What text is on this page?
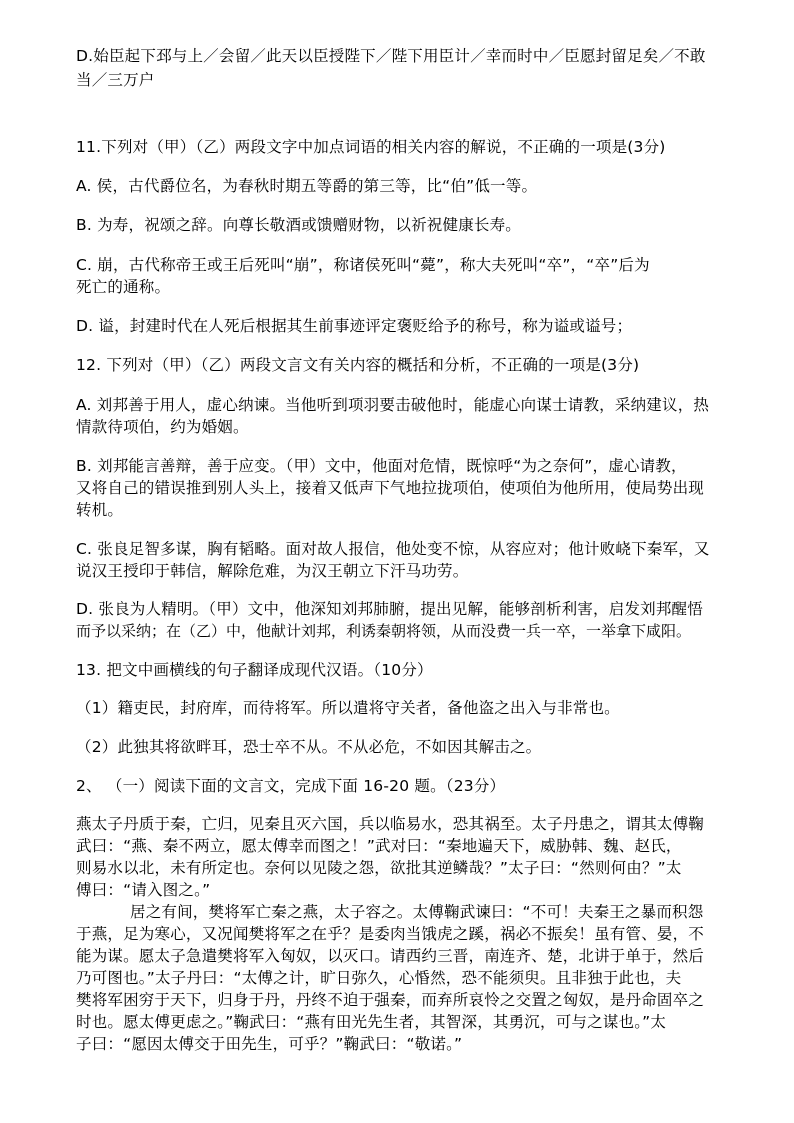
D.始臣起下邳与上／会留／此天以臣授陛下／陛下用臣计／幸而时中／臣愿封留足矣／不敢
当／三万户
11.下列对（甲）（乙）两段文字中加点词语的相关内容的解说，不正确的一项是(3分)
A. 侯，古代爵位名，为春秋时期五等爵的第三等，比“伯”低一等。
B. 为寿，祝颂之辞。向尊长敬酒或馈赠财物，以祈祝健康长寿。
C. 崩，古代称帝王或王后死叫“崩”，称诸侯死叫“薨”，称大夫死叫“卒”，“卒”后为
死亡的通称。
D. 谥，封建时代在人死后根据其生前事迹评定褒贬给予的称号，称为谥或谥号；
12. 下列对（甲）（乙）两段文言文有关内容的概括和分析，不正确的一项是(3分)
A. 刘邦善于用人，虚心纳谏。当他听到项羽要击破他时，能虚心向谋士请教，采纳建议，热
情款待项伯，约为婚姻。
B. 刘邦能言善辩，善于应变。（甲）文中，他面对危情，既惊呼“为之奈何”，虚心请教，
又将自己的错误推到别人头上，接着又低声下气地拉拢项伯，使项伯为他所用，使局势出现
转机。
C. 张良足智多谋，胸有韬略。面对故人报信，他处变不惊，从容应对；他计败峣下秦军，又
说汉王授印于韩信，解除危难，为汉王朝立下汗马功劳。
D. 张良为人精明。（甲）文中，他深知刘邦肺腑，提出见解，能够剖析利害，启发刘邦醒悟
而予以采纳；在（乙）中，他献计刘邦，利诱秦朝将领，从而没费一兵一卒，一举拿下咸阳。
13. 把文中画横线的句子翻译成现代汉语。（10分）
（1）籍吏民，封府库，而待将军。所以遣将守关者，备他盗之出入与非常也。
（2）此独其将欲畔耳，恐士卒不从。不从必危，不如因其解击之。
2、 （一）阅读下面的文言文，完成下面 16-20 题。（23分）
燕太子丹质于秦，亡归，见秦且灭六国，兵以临易水，恐其祸至。太子丹患之，谓其太傅鞠
武曰：“燕、秦不两立，愿太傅幸而图之！”武对曰：“秦地遍天下，威胁韩、魏、赵氏，
则易水以北，未有所定也。奈何以见陵之怨，欲批其逆鳞哉？”太子曰：“然则何由？”太
傅曰：“请入图之。”
居之有间，樊将军亡秦之燕，太子容之。太傅鞠武谏曰：“不可！夫秦王之暴而积怨
于燕，足为寒心，又况闻樊将军之在乎？是委肉当饿虎之蹊，祸必不振矣！虽有管、晏，不
能为谋。愿太子急遣樊将军入匈奴，以灭口。请西约三晋，南连齐、楚，北讲于单于，然后
乃可图也。”太子丹曰：“太傅之计，旷日弥久，心惛然，恐不能须臾。且非独于此也，夫
樊将军困穷于天下，归身于丹，丹终不迫于强秦，而弃所哀怜之交置之匈奴，是丹命固卒之
时也。愿太傅更虑之。”鞠武曰：“燕有田光先生者，其智深，其勇沉，可与之谋也。”太
子曰：“愿因太傅交于田先生，可乎？”鞠武曰：“敬诺。”
